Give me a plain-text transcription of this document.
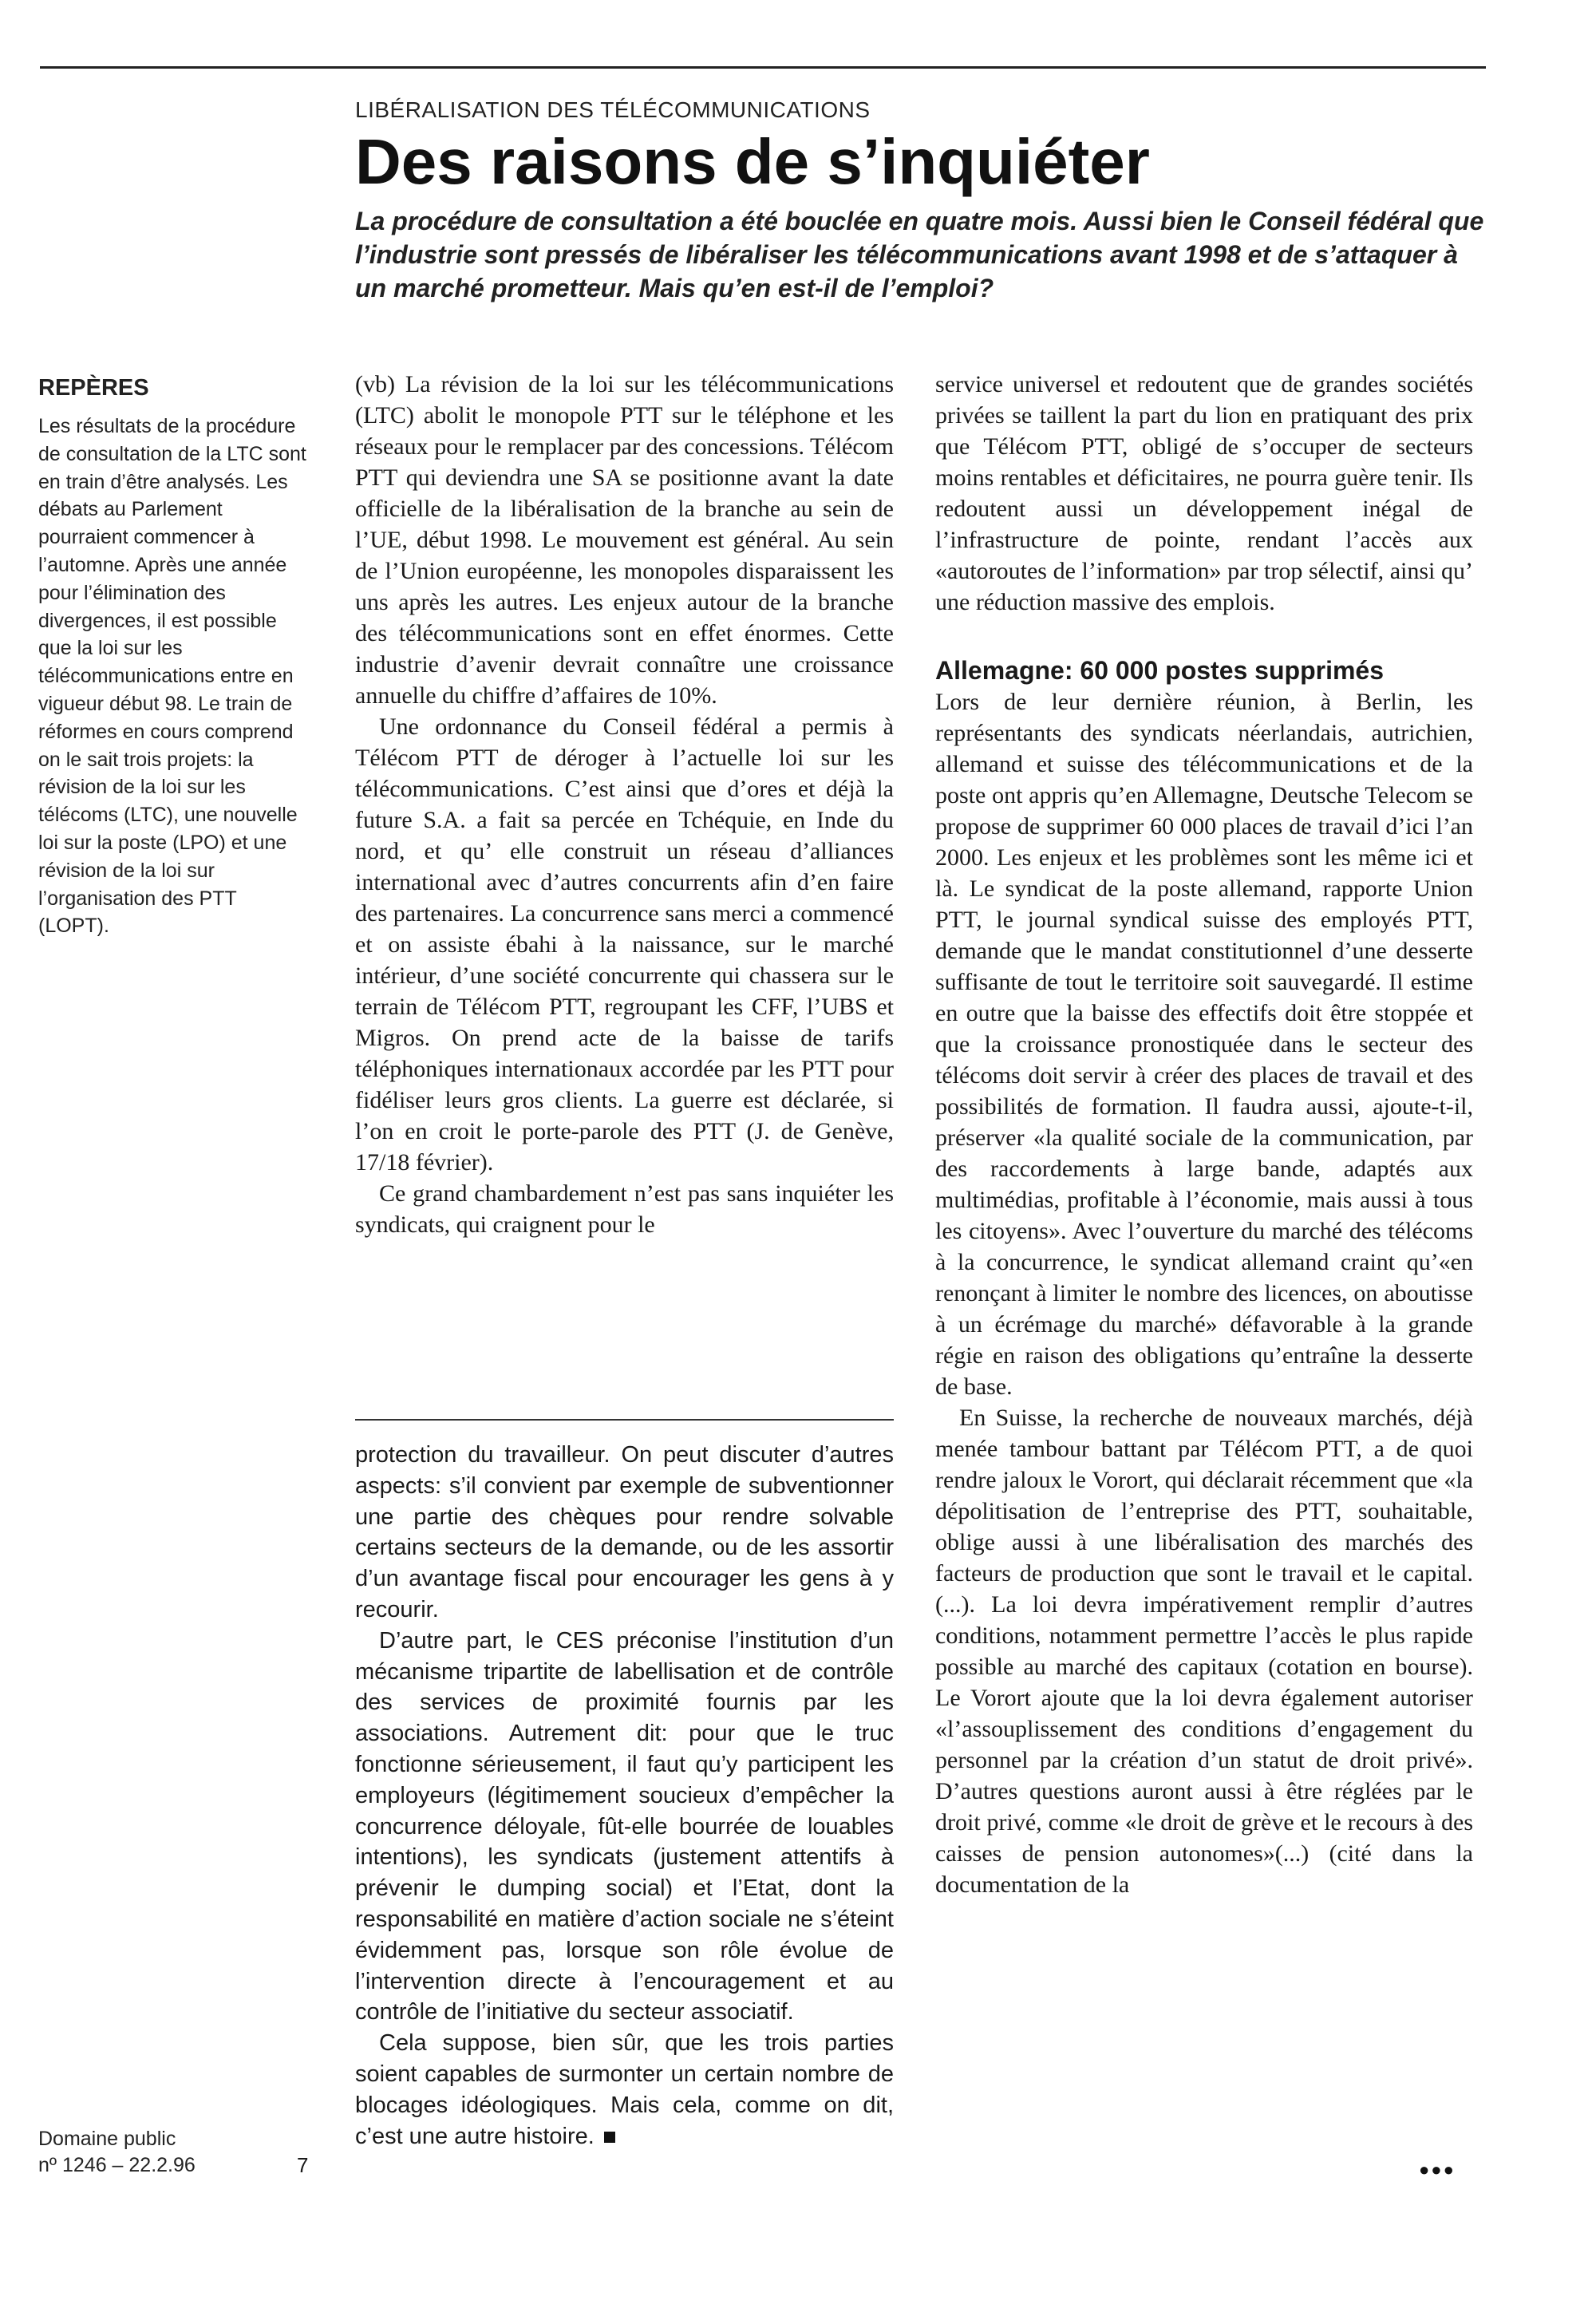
LIBÉRALISATION DES TÉLÉCOMMUNICATIONS
Des raisons de s’inquiéter
La procédure de consultation a été bouclée en quatre mois. Aussi bien le Conseil fédéral que l’industrie sont pressés de libéraliser les télécommunications avant 1998 et de s’attaquer à un marché prometteur. Mais qu’en est-il de l’emploi?
REPÈRES

Les résultats de la procédure de consultation de la LTC sont en train d’être analysés. Les débats au Parlement pourraient commencer à l’automne. Après une année pour l’élimination des divergences, il est possible que la loi sur les télécommunications entre en vigueur début 98. Le train de réformes en cours comprend on le sait trois projets: la révision de la loi sur les télécoms (LTC), une nouvelle loi sur la poste (LPO) et une révision de la loi sur l’organisation des PTT (LOPT).

(vb) La révision de la loi sur les télécommunications (LTC) abolit le monopole PTT sur le téléphone et les réseaux pour le remplacer par des concessions. Télécom PTT qui deviendra une SA se positionne avant la date officielle de la libéralisation de la branche au sein de l’UE, début 1998. Le mouvement est général. Au sein de l’Union européenne, les monopoles disparaissent les uns après les autres. Les enjeux autour de la branche des télécommunications sont en effet énormes. Cette industrie d’avenir devrait connaître une croissance annuelle du chiffre d’affaires de 10%.

Une ordonnance du Conseil fédéral a permis à Télécom PTT de déroger à l’actuelle loi sur les télécommunications. C’est ainsi que d’ores et déjà la future S.A. a fait sa percée en Tchéquie, en Inde du nord, et qu’ elle construit un réseau d’alliances international avec d’autres concurrents afin d’en faire des partenaires. La concurrence sans merci a commencé et on assiste ébahi à la naissance, sur le marché intérieur, d’une société concurrente qui chassera sur le terrain de Télécom PTT, regroupant les CFF, l’UBS et Migros. On prend acte de la baisse de tarifs téléphoniques internationaux accordée par les PTT pour fidéliser leurs gros clients. La guerre est déclarée, si l’on en croit le porte-parole des PTT (J. de Genève, 17/18 février).

Ce grand chambardement n’est pas sans inquiéter les syndicats, qui craignent pour le

protection du travailleur. On peut discuter d’autres aspects: s’il convient par exemple de subventionner une partie des chèques pour rendre solvable certains secteurs de la demande, ou de les assortir d’un avantage fiscal pour encourager les gens à y recourir.

D’autre part, le CES préconise l’institution d’un mécanisme tripartite de labellisation et de contrôle des services de proximité fournis par les associations. Autrement dit: pour que le truc fonctionne sérieusement, il faut qu’y participent les employeurs (légitimement soucieux d’empêcher la concurrence déloyale, fût-elle bourrée de louables intentions), les syndicats (justement attentifs à prévenir le dumping social) et l’Etat, dont la responsabilité en matière d’action sociale ne s’éteint évidemment pas, lorsque son rôle évolue de l’intervention directe à l’encouragement et au contrôle de l’initiative du secteur associatif.

Cela suppose, bien sûr, que les trois parties soient capables de surmonter un certain nombre de blocages idéologiques. Mais cela, comme on dit, c’est une autre histoire.

service universel et redoutent que de grandes sociétés privées se taillent la part du lion en pratiquant des prix que Télécom PTT, obligé de s’occuper de secteurs moins rentables et déficitaires, ne pourra guère tenir. Ils redoutent aussi un développement inégal de l’infrastructure de pointe, rendant l’accès aux «autoroutes de l’information» par trop sélectif, ainsi qu’ une réduction massive des emplois.

Allemagne: 60 000 postes supprimés

Lors de leur dernière réunion, à Berlin, les représentants des syndicats néerlandais, autrichien, allemand et suisse des télécommunications et de la poste ont appris qu’en Allemagne, Deutsche Telecom se propose de supprimer 60 000 places de travail d’ici l’an 2000. Les enjeux et les problèmes sont les même ici et là. Le syndicat de la poste allemand, rapporte Union PTT, le journal syndical suisse des employés PTT, demande que le mandat constitutionnel d’une desserte suffisante de tout le territoire soit sauvegardé. Il estime en outre que la baisse des effectifs doit être stoppée et que la croissance pronostiquée dans le secteur des télécoms doit servir à créer des places de travail et des possibilités de formation. Il faudra aussi, ajoute-t-il, préserver «la qualité sociale de la communication, par des raccordements à large bande, adaptés aux multimédias, profitable à l’économie, mais aussi à tous les citoyens». Avec l’ouverture du marché des télécoms à la concurrence, le syndicat allemand craint qu’«en renonçant à limiter le nombre des licences, on aboutisse à un écrémage du marché» défavorable à la grande régie en raison des obligations qu’entraîne la desserte de base.

En Suisse, la recherche de nouveaux marchés, déjà menée tambour battant par Télécom PTT, a de quoi rendre jaloux le Vorort, qui déclarait récemment que «la dépolitisation de l’entreprise des PTT, souhaitable, oblige aussi à une libéralisation des marchés des facteurs de production que sont le travail et le capital.(...). La loi devra impérativement remplir d’autres conditions, notamment permettre l’accès le plus rapide possible au marché des capitaux (cotation en bourse). Le Vorort ajoute que la loi devra également autoriser «l’assouplissement des conditions d’engagement du personnel par la création d’un statut de droit privé». D’autres questions auront aussi à être réglées par le droit privé, comme «le droit de grève et le recours à des caisses de pension autonomes»(...) (cité dans la documentation de la

Domaine public
nº 1246 – 22.2.96	7	●●●
